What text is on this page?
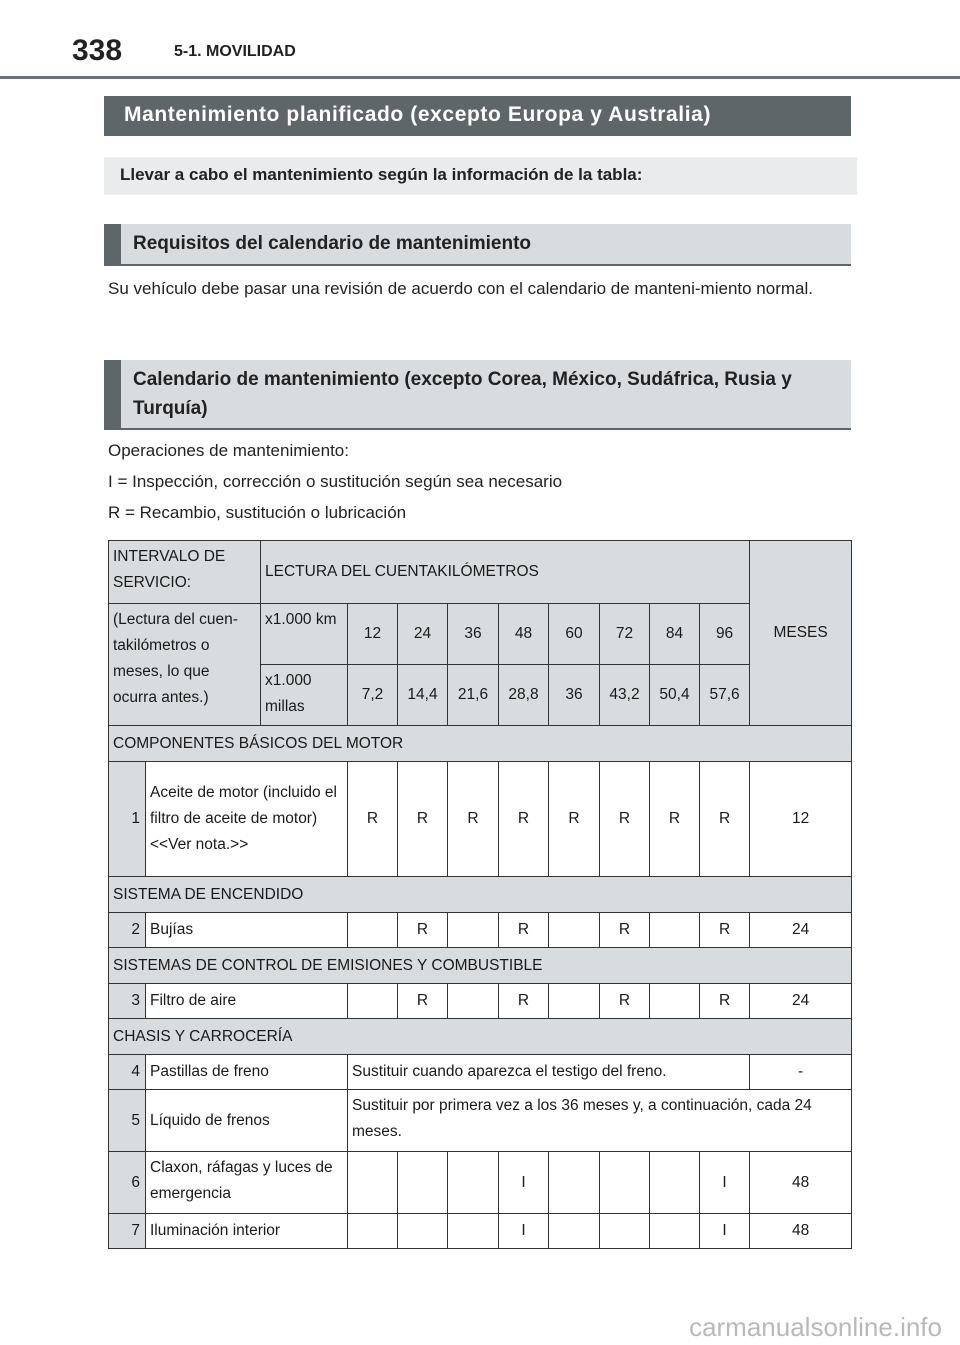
338	5-1. MOVILIDAD
Mantenimiento planificado (excepto Europa y Australia)
Llevar a cabo el mantenimiento según la información de la tabla:
Requisitos del calendario de mantenimiento
Su vehículo debe pasar una revisión de acuerdo con el calendario de manteni-miento normal.
Calendario de mantenimiento (excepto Corea, México, Sudáfrica, Rusia y Turquía)
Operaciones de mantenimiento:
I = Inspección, corrección o sustitución según sea necesario
R = Recambio, sustitución o lubricación
INTERVALO DE SERVICIO:		LECTURA DEL CUENTAKILÓMETROS									MESES
(Lectura del cuen-takilómetros o meses, lo que ocurra antes.)		x1.000 km	12	24	36	48	60	72	84	96	
		x1.000 millas	7,2	14,4	21,6	28,8	36	43,2	50,4	57,6	
COMPONENTES BÁSICOS DEL MOTOR											
1	Aceite de motor (incluido el filtro de aceite de motor) <<Ver nota.>>		R	R	R	R	R	R	R	R	12
SISTEMA DE ENCENDIDO											
2	Bujías			R		R		R		R	24
SISTEMAS DE CONTROL DE EMISIONES Y COMBUSTIBLE											
3	Filtro de aire			R		R		R		R	24
CHASIS Y CARROCERÍA											
4	Pastillas de freno		Sustituir cuando aparezca el testigo del freno.								-
5	Líquido de frenos		Sustituir por primera vez a los 36 meses y, a continuación, cada 24 meses.								
6	Claxon, ráfagas y luces de emergencia					I				I	48
7	Iluminación interior					I				I	48
carmanualsonline.info
